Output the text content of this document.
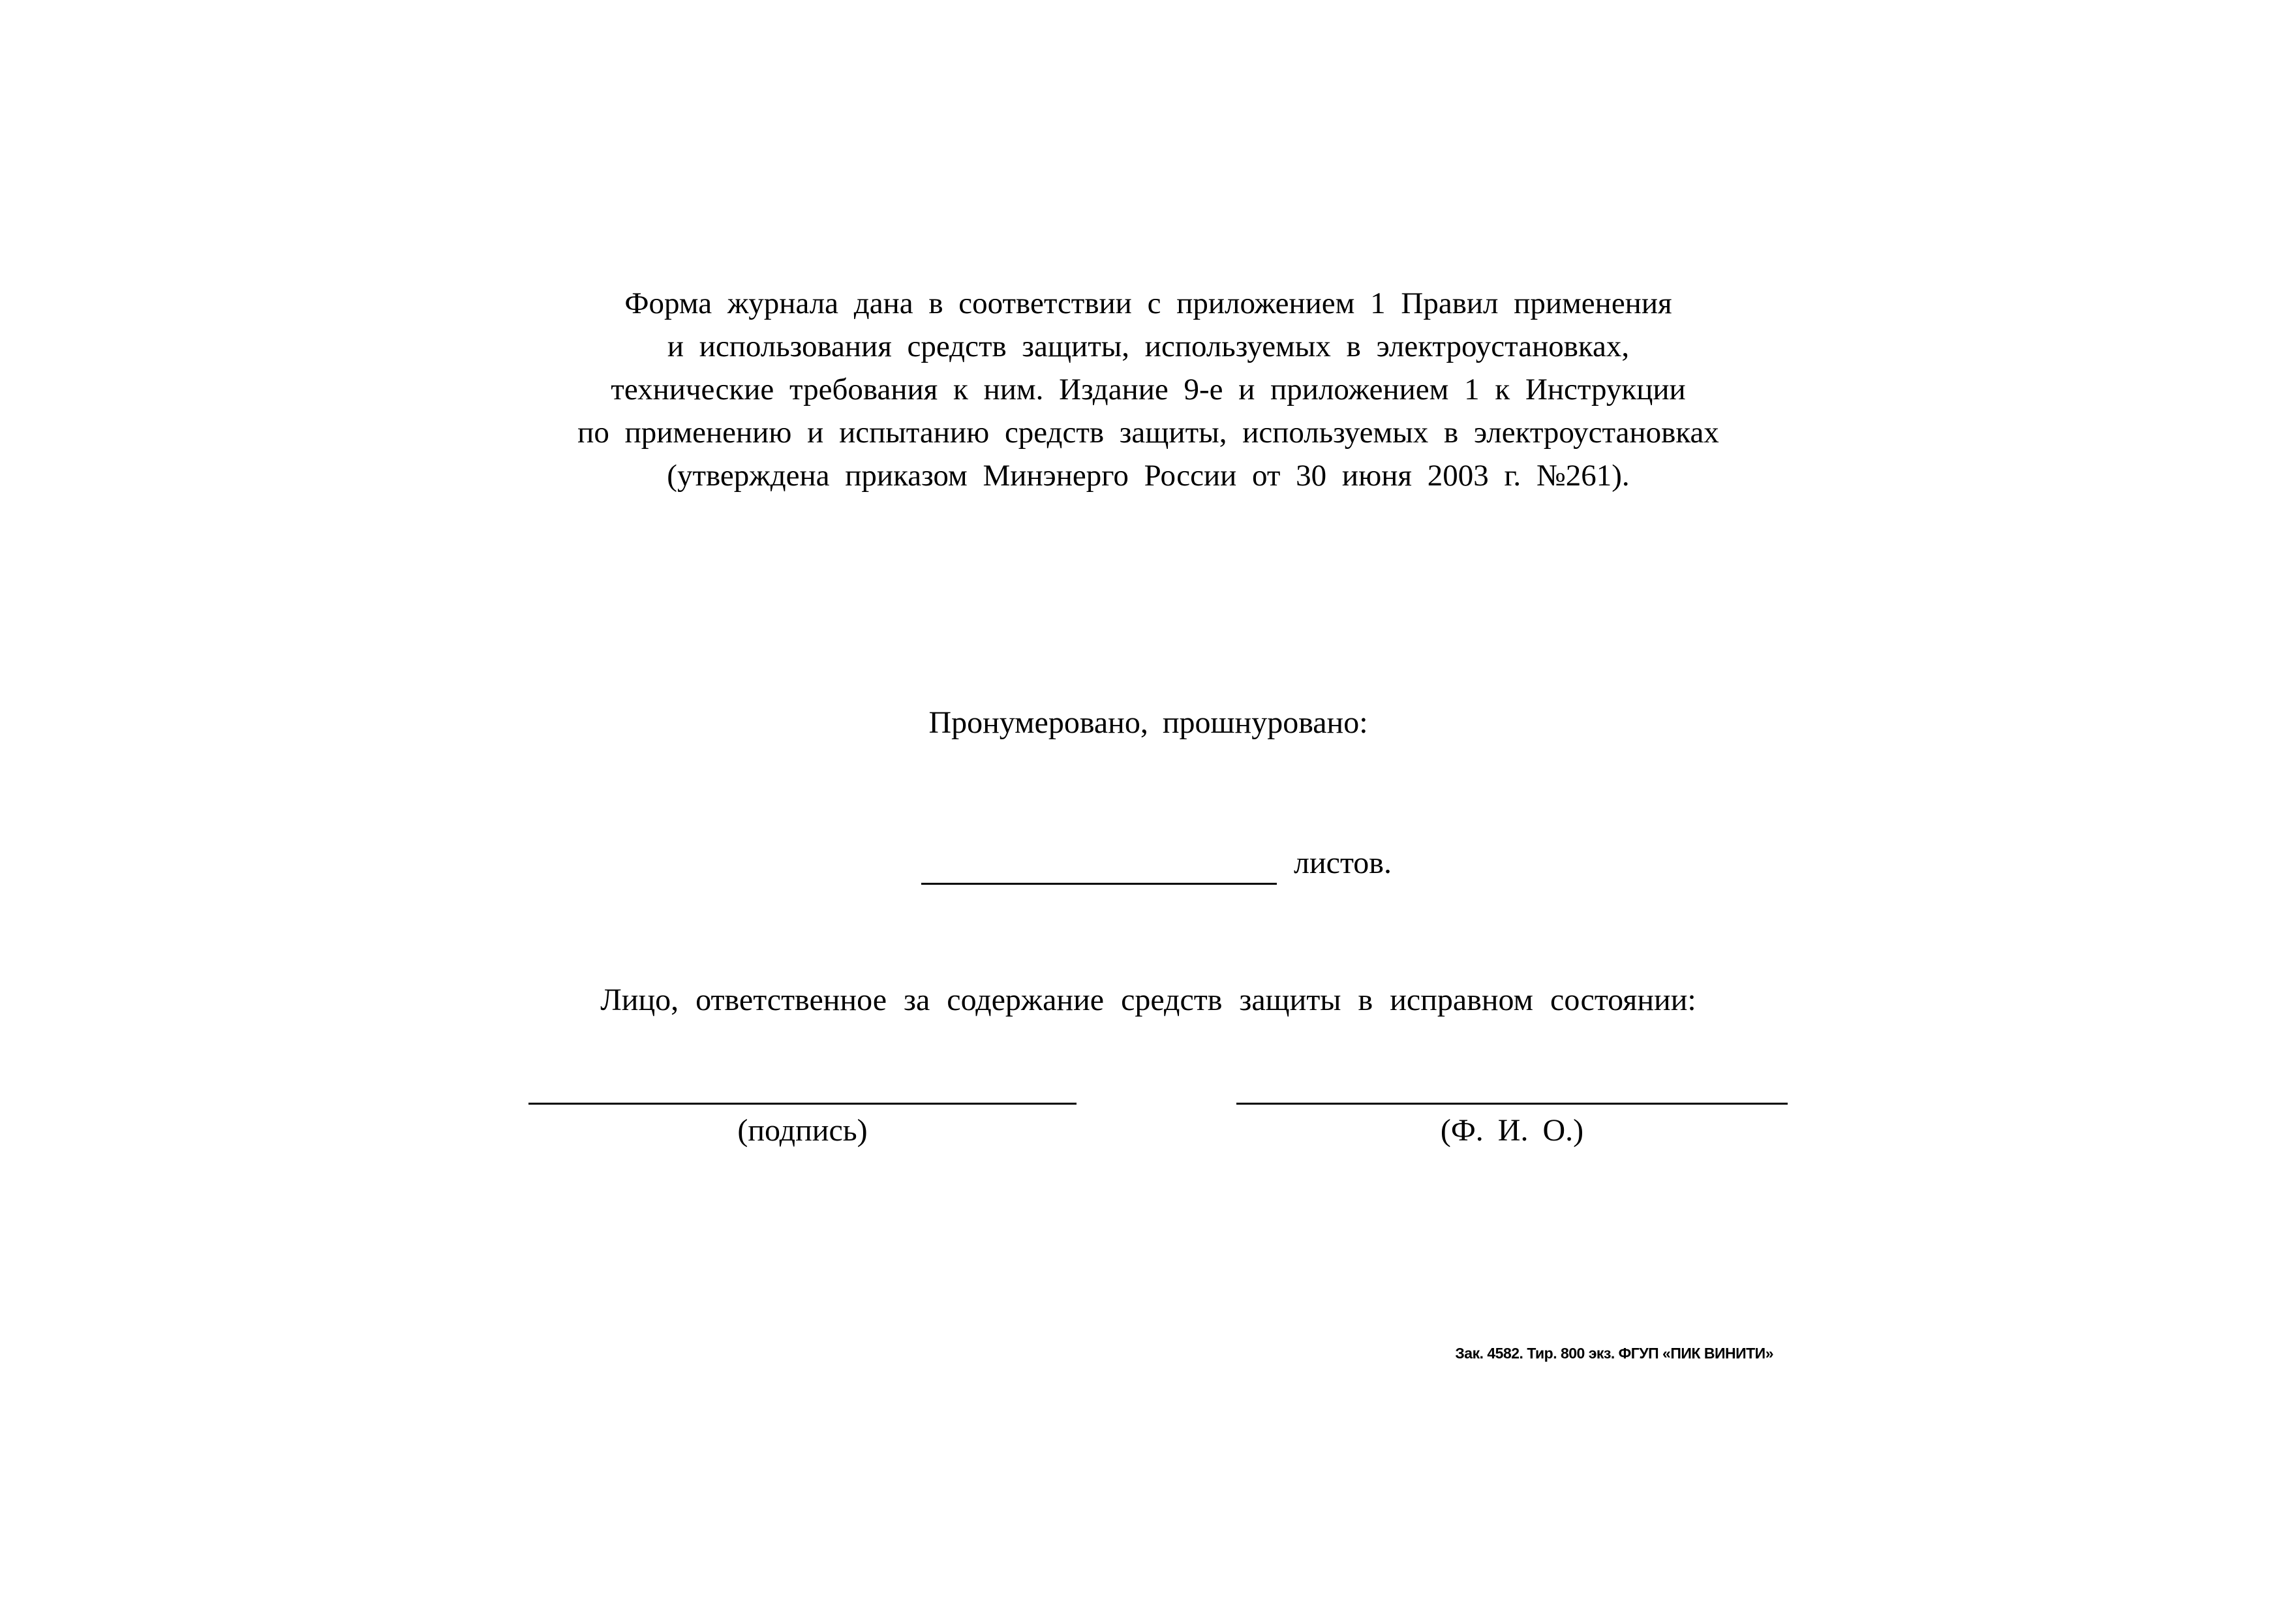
Форма журнала дана в соответствии с приложением 1 Правил применения
и использования средств защиты, используемых в электроустановках,
технические требования к ним. Издание 9-е и приложением 1 к Инструкции
по применению и испытанию средств защиты, используемых в электроустановках
(утверждена приказом Минэнерго России от 30 июня 2003 г. №261).
Пронумеровано, прошнуровано:
листов.
Лицо, ответственное за содержание средств защиты в исправном состоянии:
(подпись)	(Ф. И. О.)
Зак. 4582. Тир. 800 экз. ФГУП «ПИК ВИНИТИ»
